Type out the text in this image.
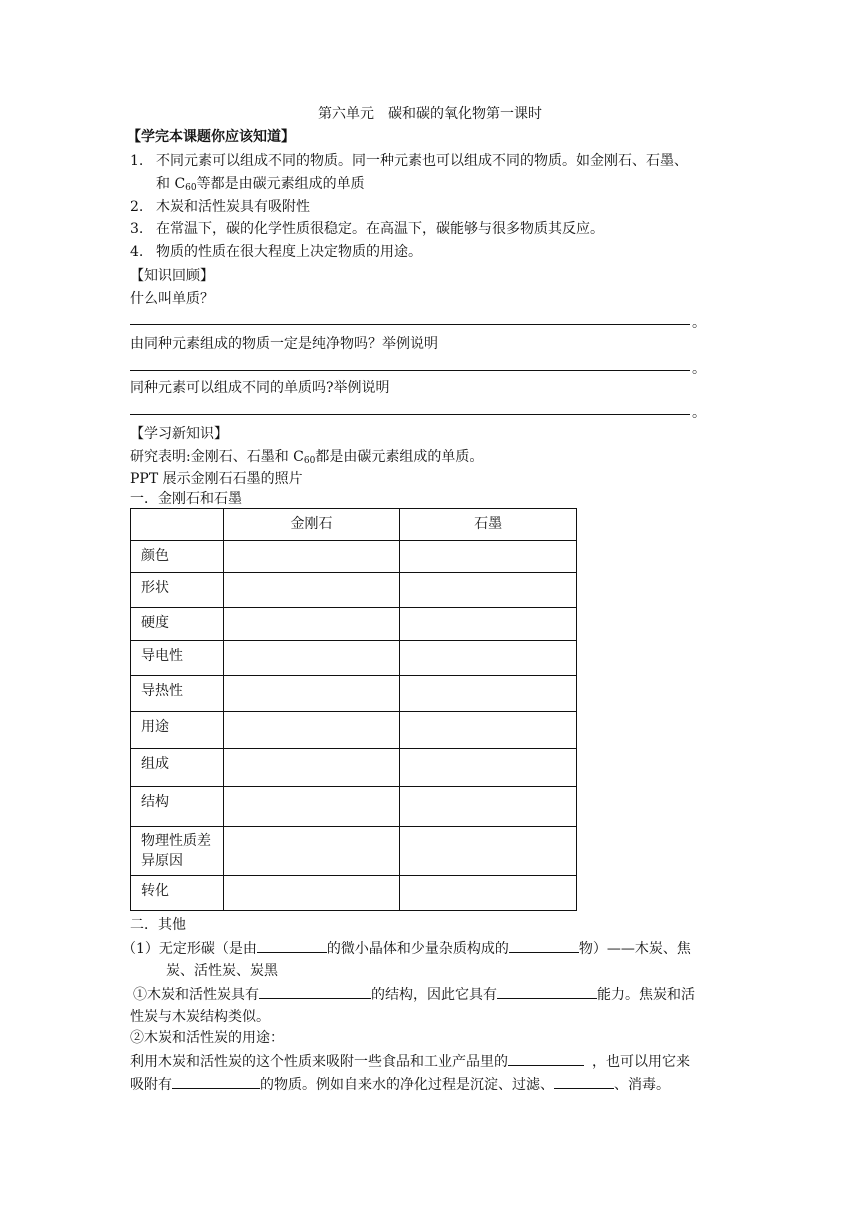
第六单元　碳和碳的氧化物第一课时
【学完本课题你应该知道】
1. 不同元素可以组成不同的物质。同一种元素也可以组成不同的物质。如金刚石、石墨、
和 $C_{60}$等都是由碳元素组成的单质
2. 木炭和活性炭具有吸附性
3. 在常温下，碳的化学性质很稳定。在高温下，碳能够与很多物质其反应。
4. 物质的性质在很大程度上决定物质的用途。
【知识回顾】
什么叫单质？
。
由同种元素组成的物质一定是纯净物吗？举例说明
。
同种元素可以组成不同的单质吗?举例说明
。
【学习新知识】
研究表明:金刚石、石墨和 $C_{60}$都是由碳元素组成的单质。
PPT 展示金刚石石墨的照片
一．金刚石和石墨
	金刚石	石墨
颜色		
形状		
硬度		
导电性		
导热性		
用途		
组成		
结构		
物理性质差异原因		
转化		
二．其他
（1）无定形碳（是由	的微小晶体和少量杂质构成的	物）——木炭、焦
炭、活性炭、炭黑
①木炭和活性炭具有	的结构，因此它具有	能力。焦炭和活
性炭与木炭结构类似。
②木炭和活性炭的用途：
利用木炭和活性炭的这个性质来吸附一些食品和工业产品里的	，也可以用它来
吸附有	的物质。例如自来水的净化过程是沉淀、过滤、	、消毒。
